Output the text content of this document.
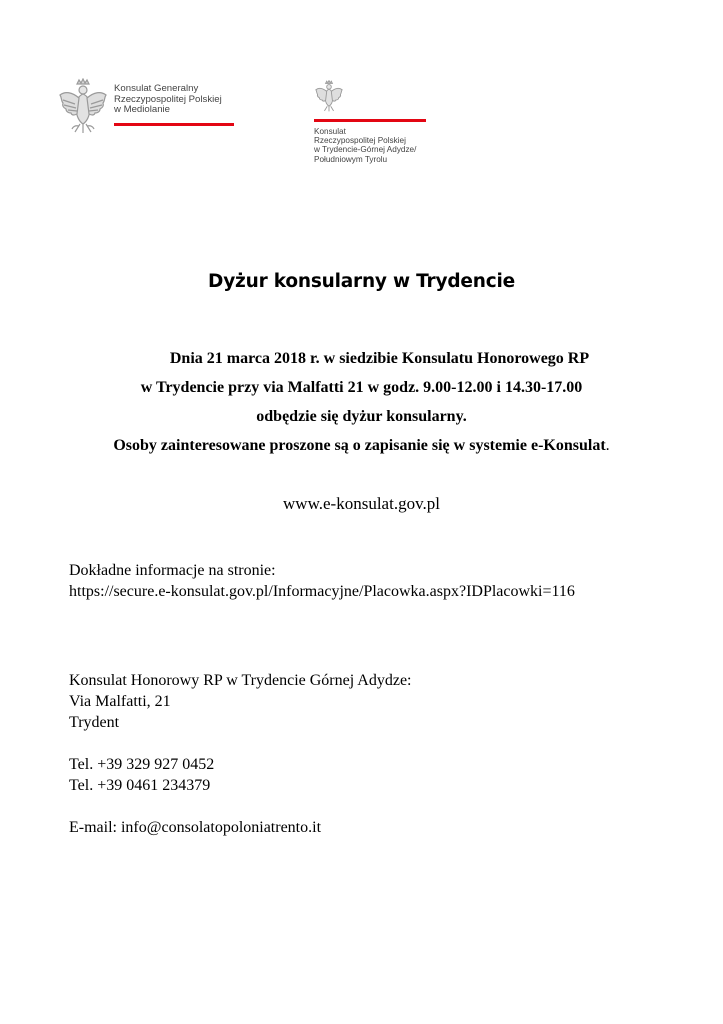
Konsulat Generalny
Rzeczypospolitej Polskiej
w Mediolanie
Konsulat
Rzeczypospolitej Polskiej
w Trydencie-Górnej Adydze/
Południowym Tyrolu
Dyżur konsularny w Trydencie
Dnia 21 marca 2018 r. w siedzibie Konsulatu Honorowego RP
w Trydencie przy via Malfatti 21 w godz. 9.00-12.00 i 14.30-17.00
odbędzie się dyżur konsularny.
Osoby zainteresowane proszone są o zapisanie się w systemie e-Konsulat.
www.e-konsulat.gov.pl
Dokładne informacje na stronie:
https://secure.e-konsulat.gov.pl/Informacyjne/Placowka.aspx?IDPlacowki=116
Konsulat Honorowy RP w Trydencie Górnej Adydze:
Via Malfatti, 21
Trydent
Tel. +39 329 927 0452
Tel. +39 0461 234379
E-mail: info@consolatopoloniatrento.it
